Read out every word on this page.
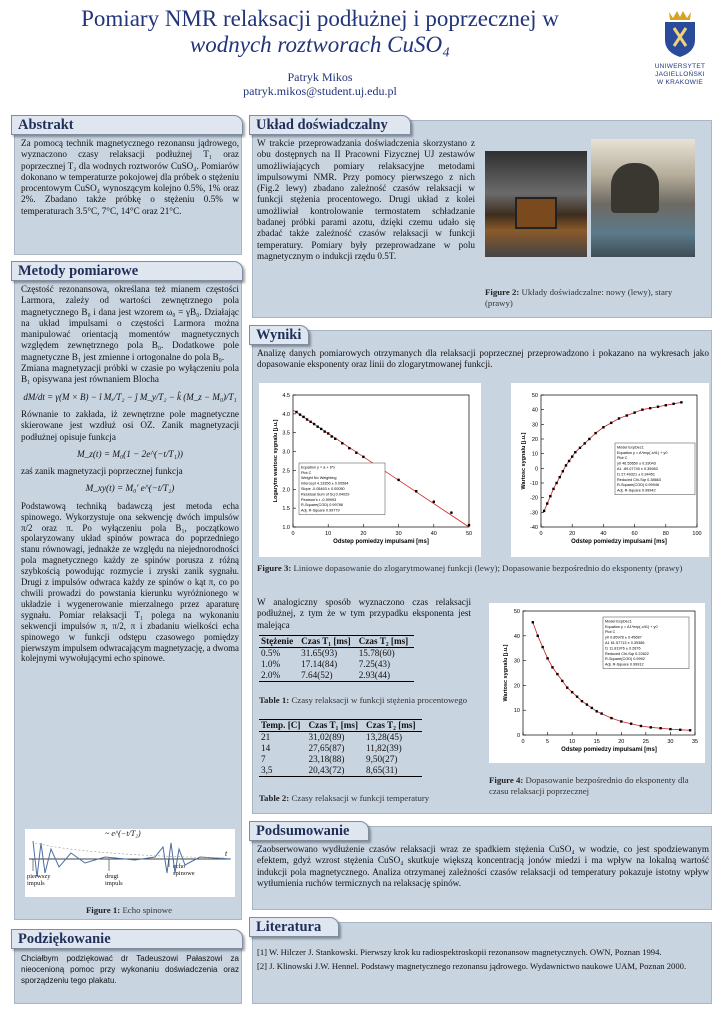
Pomiary NMR relaksacji podłużnej i poprzecznej w
wodnych roztworach CuSO₄
Patryk Mikos
patryk.mikos@student.uj.edu.pl
UNIWERSYTET
JAGIELLOŃSKI
W KRAKOWIE
Abstrakt
Za pomocą technik magnetycznego rezonansu jądrowego, wyznaczono czasy relaksacji podłużnej T₁ oraz poprzecznej T₂ dla wodnych roztworów CuSO₄. Pomiarów dokonano w temperaturze pokojowej dla próbek o stężeniu procentowym CuSO₄ wynoszącym kolejno 0.5%, 1% oraz 2%. Zbadano także próbkę o stężeniu 0.5% w temperaturach 3.5°C, 7°C, 14°C oraz 21°C.
Metody pomiarowe

Częstość rezonansowa, określana też mianem częstości Larmora, zależy od wartości zewnętrznego pola magnetycznego B₀ i dana jest wzorem ω₀ = γB₀. Działając na układ impulsami o częstości Larmora można manipulować orientacją momentów magnetycznych względem zewnętrznego pola B₀. Dodatkowe pole magnetyczne B₁ jest zmienne i ortogonalne do pola B₀.

Zmiana magnetyzacji próbki w czasie po wyłączeniu pola B₁ opisywana jest równaniem Blocha

dM/dt = γ(M × B) − î Mₓ/T₂ − ĵ M_y/T₂ − k̂ (M_z − M₀)/T₁

Równanie to zakłada, iż zewnętrzne pole magnetyczne skierowane jest wzdłuż osi OZ. Zanik magnetyzacji podłużnej opisuje funkcja

M_z(t) = M₀(1 − 2e^(−t/T₁))

zaś zanik magnetyzacji poprzecznej funkcja

M_xy(t) = M₀′ e^(−t/T₂)

Podstawową techniką badawczą jest metoda echa spinowego. Wykorzystuje ona sekwencję dwóch impulsów π/2 oraz π. Po wyłączeniu pola B₁, początkowo spolaryzowany układ spinów powraca do poprzedniego stanu równowagi, jednakże ze względu na niejednorodności pola magnetycznego każdy ze spinów porusza z różną szybkością powodując rozmycie i zryski zanik sygnału. Drugi z impulsów odwraca każdy ze spinów o kąt π, co po chwili prowadzi do powstania kierunku wyróżnionego w układzie i wygenerowanie mierzalnego przez aparaturę sygnału. Pomiar relaksacji T₁ polega na wykonaniu sekwencji impulsów π, π/2, π i zbadaniu wielkości echa spinowego w funkcji odstępu czasowego pomiędzy pierwszym impulsem odwracającym magnetyzację, a dwoma kolejnymi wywołującymi echo spinowe.

~ e^(−t/T₂)
pierwszy impuls
drugi impuls
echo spinowe
t
Figure 1: Echo spinowe
Podziękowanie
Chciałbym podziękować dr Tadeuszowi Pałaszowi za nieocenioną pomoc przy wykonaniu doświadczenia oraz sporządzeniu tego plakatu.
Układ doświadczalny
W trakcie przeprowadzania doświadczenia skorzystano z obu dostępnych na II Pracowni Fizycznej UJ zestawów umożliwiających pomiary relaksacyjne metodami impulsowymi NMR. Przy pomocy pierwszego z nich (Fig.2 lewy) zbadano zależność czasów relaksacji w funkcji stężenia procentowego. Drugi układ z kolei umożliwiał kontrolowanie termostatem schładzanie badanej próbki parami azotu, dzięki czemu udało się zbadać także zależność czasów relaksacji w funkcji temperatury. Pomiary były przeprowadzane w polu magnetycznym o indukcji rzędu 0.5T.
Figure 2: Układy doświadczalne: nowy (lewy), stary (prawy)
Wyniki
Analizę danych pomiarowych otrzymanych dla relaksacji poprzecznej przeprowadzono i pokazano na wykresach jako dopasowanie eksponenty oraz linii do zlogarytmowanej funkcji.
0	10	20	30	40	50
1.0
1.5
2.0
2.5
3.0
3.5
4.0
4.5
Odstep pomiedzy impulsami [ms]
Logarytm wartosc sygnalu [j.u.]	Equation y = a + b*x
Plot C
Weight No Weighting
Intercept 4.13356 ± 0.00584
Slope -0.05463 ± 0.00050
Residual Sum of Sq 0.04029
Pearson's r -0.99993
R-Square(COD) 0.99786
Adj. R-Square 0.99779
0	20	40	60	80	100
-40
-30
-20
-10
0
10
20
30
40
50
Odstep pomiedzy impulsami [ms]
Wartosc sygnalu [j.u.]	Model ExpDec1
Equation y = A*exp(-x/t1) + y0
Plot C
y0 46.55650 ± 0.33043
A1 -89.07740 ± 0.35983
t1 27.49321 ± 0.34451
Reduced Chi-Sqr 0.38663
R-Square(COD) 0.99946
Adj. R-Square 0.99942
Figure 3: Liniowe dopasowanie do zlogarytmowanej funkcji (lewy); Dopasowanie bezpośrednio do eksponenty (prawy)
W analogiczny sposób wyznaczono czas relaksacji podłużnej, z tym że w tym przypadku eksponenta jest malejąca
Stężenie	Czas T₁ [ms]	Czas T₂ [ms]
0.5%	31.65(93)	15.78(60)
1.0%	17.14(84)	7.25(43)
2.0%	7.64(52)	2.93(44)
Table 1: Czasy relaksacji w funkcji stężenia procentowego
Temp. [C]	Czas T₁ [ms]	Czas T₂ [ms]
21	31,02(89)	13,28(45)
14	27,65(87)	11,82(39)
7	23,18(88)	9,50(27)
3,5	20,43(72)	8,65(31)
Table 2: Czasy relaksacji w funkcji temperatury
0	5	10	15	20	25	30	35
0
10
20
30
40
50
Odstep pomiedzy impulsami [ms]
Wartosc sygnalu [j.u.]
Model ExpDec1
Equation y = A1*exp(-x/t1) + y0
Plot C
y0 0.85978 ± 0.45687
A1 61.57713 ± 0.39386
t1 11.81976 ± 0.2876
Reduced Chi-Sqr 0.22622
R-Square(COD) 0.9992
Adj. R-Square 0.99912
Figure 4: Dopasowanie bezpośrednio do eksponenty dla czasu relaksacji poprzecznej
Podsumowanie
Zaobserwowano wydłużenie czasów relaksacji wraz ze spadkiem stężenia CuSO₄ w wodzie, co jest spodziewanym efektem, gdyż wzrost stężenia CuSO₄ skutkuje większą koncentracją jonów miedzi i ma wpływ na lokalną wartość indukcji pola magnetycznego. Analiza otrzymanej zależności czasów relaksacji od temperatury pokazuje istotny wpływ wytłumienia ruchów termicznych na relaksację spinów.
Literatura
[1] W. Hilczer J. Stankowski. Pierwszy krok ku radiospektroskopii rezonansow magnetycznych. OWN, Poznan 1994.
[2] J. Klinowski J.W. Hennel. Podstawy magnetycznego rezonansu jądrowego. Wydawnictwo naukowe UAM, Poznan 2000.
